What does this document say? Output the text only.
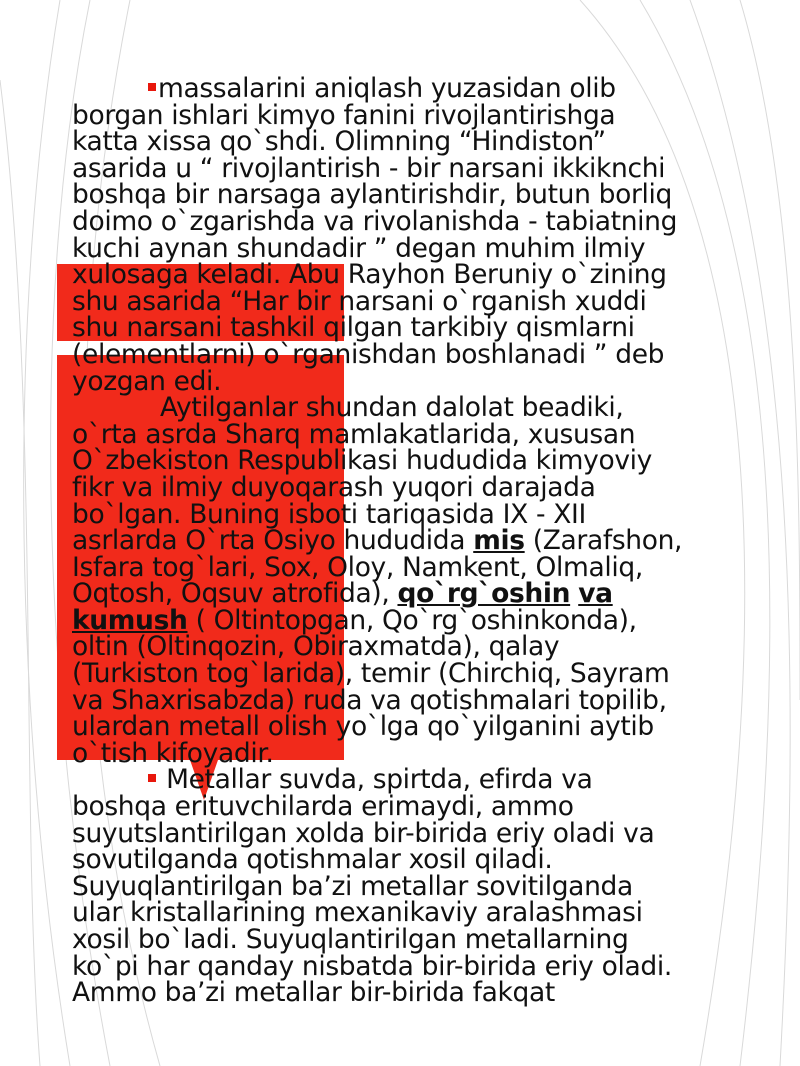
massalarini aniqlash yuzasidan olib
borgan ishlari kimyo fanini rivojlantirishga
katta xissa qo`shdi. Olimning “Hindiston”
asarida u “ rivojlantirish - bir narsani ikkiknchi
boshqa bir narsaga aylantirishdir, butun borliq
doimo o`zgarishda va rivolanishda - tabiatning
kuchi aynan shundadir ” degan muhim ilmiy
xulosaga keladi. Abu Rayhon Beruniy o`zining
shu asarida “Har bir narsani o`rganish xuddi
shu narsani tashkil qilgan tarkibiy qismlarni
(elementlarni) o`rganishdan boshlanadi ” deb
yozgan edi.
Aytilganlar shundan dalolat beadiki,
o`rta asrda Sharq mamlakatlarida, xususan
O`zbekiston Respublikasi hududida kimyoviy
fikr va ilmiy duyoqarash yuqori darajada
bo`lgan. Buning isboti tariqasida IX - XII
asrlarda O`rta Osiyo hududida mis (Zarafshon,
Isfara tog`lari, Sox, Oloy, Namkent, Olmaliq,
Oqtosh, Oqsuv atrofida), qo`rg`oshin va
kumush ( Oltintopgan, Qo`rg`oshinkonda),
oltin (Oltinqozin, Obiraxmatda), qalay
(Turkiston tog`larida), temir (Chirchiq, Sayram
va Shaxrisabzda) ruda va qotishmalari topilib,
ulardan metall olish yo`lga qo`yilganini aytib
o`tish kifoyadir.
Metallar suvda, spirtda, efirda va
boshqa erituvchilarda erimaydi, ammo
suyutslantirilgan xolda bir-birida eriy oladi va
sovutilganda qotishmalar xosil qiladi.
Suyuqlantirilgan ba’zi metallar sovitilganda
ular kristallarining mexanikaviy aralashmasi
xosil bo`ladi. Suyuqlantirilgan metallarning
ko`pi har qanday nisbatda bir-birida eriy oladi.
Ammo ba’zi metallar bir-birida fakqat
